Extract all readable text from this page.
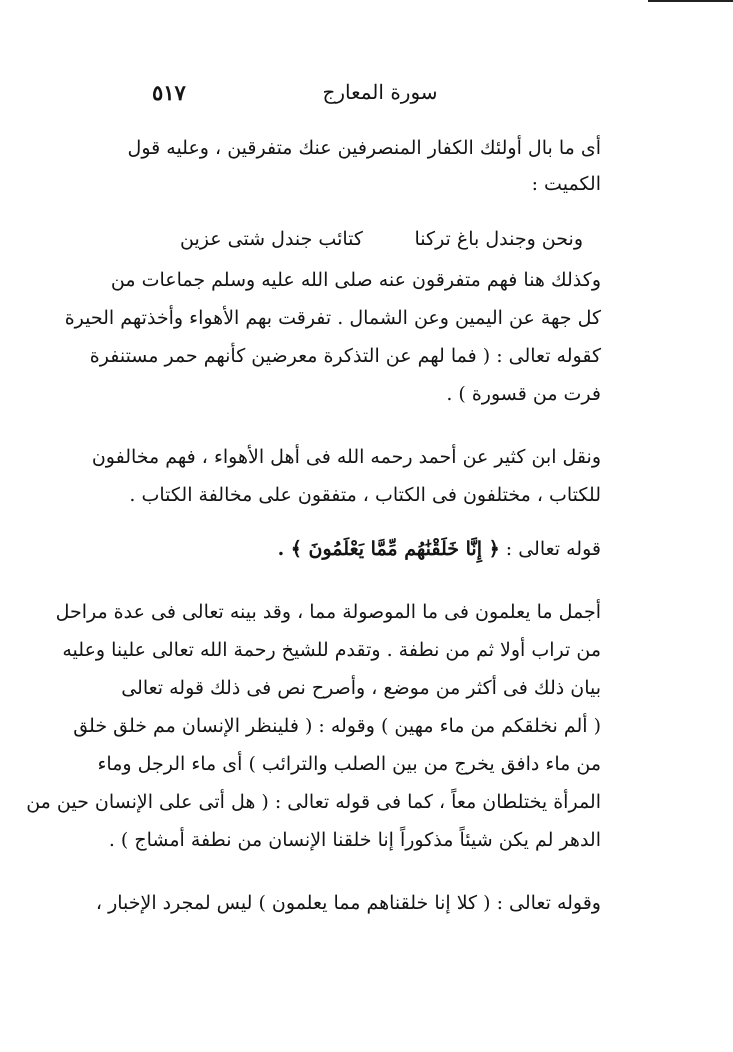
٥١٧	سورة المعارج
أى ما بال أولئك الكفار المنصرفين عنك متفرقين ، وعليه قول
الكميت :
ونحن وجندل باغ تركنا
كتائب جندل شتى عزين
وكذلك هنا فهم متفرقون عنه صلى الله عليه وسلم جماعات من
كل جهة عن اليمين وعن الشمال . تفرقت بهم الأهواء وأخذتهم الحيرة
كقوله تعالى : ( فما لهم عن التذكرة معرضين كأنهم حمر مستنفرة
فرت من قسورة ) .
ونقل ابن كثير عن أحمد رحمه الله فى أهل الأهواء ، فهم مخالفون
للكتاب ، مختلفون فى الكتاب ، متفقون على مخالفة الكتاب .
قوله تعالى : ﴿ إِنَّا خَلَقْنَٰهُم مِّمَّا يَعْلَمُونَ ﴾ .
أجمل ما يعلمون فى ما الموصولة مما ، وقد بينه تعالى فى عدة مراحل
من تراب أولا ثم من نطفة . وتقدم للشيخ رحمة الله تعالى علينا وعليه
بيان ذلك فى أكثر من موضع ، وأصرح نص فى ذلك قوله تعالى
( ألم نخلقكم من ماء مهين ) وقوله : ( فلينظر الإنسان مم خلق خلق
من ماء دافق يخرج من بين الصلب والترائب ) أى ماء الرجل وماء
المرأة يختلطان معاً ، كما فى قوله تعالى : ( هل أتى على الإنسان حين من
الدهر لم يكن شيئاً مذكوراً إنا خلقنا الإنسان من نطفة أمشاج ) .
وقوله تعالى : ( كلا إنا خلقناهم مما يعلمون ) ليس لمجرد الإخبار ،
